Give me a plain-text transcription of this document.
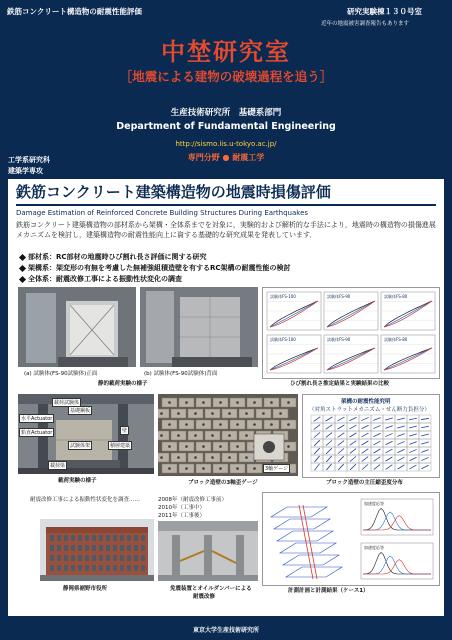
鉄筋コンクリート構造物の耐震性能評価	研究実験棟１３０号室
近年の地震被害調査報告もあります
中埜研究室
［地震による建物の破壊過程を追う］
生産技術研究所　基礎系部門
Department of Fundamental Engineering
http://sismo.iis.u-tokyo.ac.jp/
専門分野 ● 耐震工学
工学系研究科
建築学専攻
鉄筋コンクリート建築構造物の地震時損傷評価
Damage Estimation of Reinforced Concrete Building Structures During Earthquakes
鉄筋コンクリート建築構造物の部材系から架構・全体系までを対象に，実験的および解析的な手法により，地震時の構造物の損傷進展メカニズムを検討し，建築構造物の耐震性能向上に資する基礎的な研究成果を発表しています．
部材系：RC部材の地震時ひび割れ長さ評価に関する研究
架構系：架変形の有無を考慮した無補強組積造壁を有するRC架構の耐震性能の検討
全体系：耐震改修工事による振動性状変化の調査
(a) 試験体(FS-90試験体)正面	(b) 試験体(FS-90試験体)背面
静的載荷実験の様子
試験体FS-100	試験体FS-90	試験体FS-80
試験体FS-100	試験体FS-90	試験体FS-80
ひび割れ長さ推定結果と実験結果の比較
載荷試験体
基礎鋼板
水平Actuator
鉛直Actuator	壁
試験体架	積層建築
載荷梁
載荷実験の様子
3軸ゲージ
ブロック造壁の3軸歪ゲージ
架構の耐震性能究明
（対角ストラットメカニズム・せん断力負担分）
ブロック造壁の主圧縮歪度分布
耐震改修工事による振動性状変化を調査……	2008年（耐震改修工事前）
2010年（工事中）
2011年（工事後）
静岡県裾野市役所	免震装置とオイルダンパーによる
耐震改修
加速度応答
加速度応答
計測計画と計測結果（ケース1）
東京大学生産技術研究所
